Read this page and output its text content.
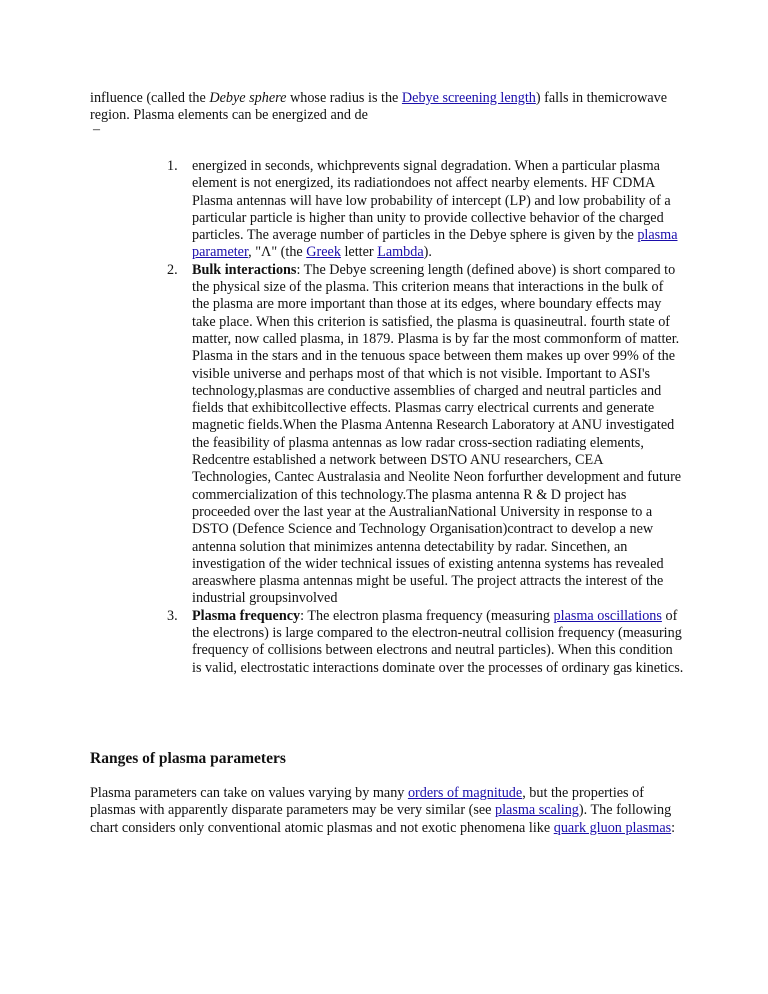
influence (called the Debye sphere whose radius is the Debye screening length) falls in themicrowave region. Plasma elements can be energized and de

–
1. energized in seconds, whichprevents signal degradation. When a particular plasma element is not energized, its radiationdoes not affect nearby elements. HF CDMA Plasma antennas will have low probability of intercept (LP) and low probability of a particular particle is higher than unity to provide collective behavior of the charged particles. The average number of particles in the Debye sphere is given by the plasma parameter, "Λ" (the Greek letter Lambda).
2. Bulk interactions: The Debye screening length (defined above) is short compared to the physical size of the plasma. This criterion means that interactions in the bulk of the plasma are more important than those at its edges, where boundary effects may take place. When this criterion is satisfied, the plasma is quasineutral. fourth state of matter, now called plasma, in 1879. Plasma is by far the most commonform of matter. Plasma in the stars and in the tenuous space between them makes up over 99% of the visible universe and perhaps most of that which is not visible. Important to ASI's technology,plasmas are conductive assemblies of charged and neutral particles and fields that exhibitcollective effects. Plasmas carry electrical currents and generate magnetic fields.When the Plasma Antenna Research Laboratory at ANU investigated the feasibility of plasma antennas as low radar cross-section radiating elements, Redcentre established a network between DSTO ANU researchers, CEA Technologies, Cantec Australasia and Neolite Neon forfurther development and future commercialization of this technology.The plasma antenna R & D project has proceeded over the last year at the AustralianNational University in response to a DSTO (Defence Science and Technology Organisation)contract to develop a new antenna solution that minimizes antenna detectability by radar. Sincethen, an investigation of the wider technical issues of existing antenna systems has revealed areaswhere plasma antennas might be useful. The project attracts the interest of the industrial groupsinvolved
3. Plasma frequency: The electron plasma frequency (measuring plasma oscillations of the electrons) is large compared to the electron-neutral collision frequency (measuring frequency of collisions between electrons and neutral particles). When this condition is valid, electrostatic interactions dominate over the processes of ordinary gas kinetics.
Ranges of plasma parameters

Plasma parameters can take on values varying by many orders of magnitude, but the properties of plasmas with apparently disparate parameters may be very similar (see plasma scaling). The following chart considers only conventional atomic plasmas and not exotic phenomena like quark gluon plasmas:
